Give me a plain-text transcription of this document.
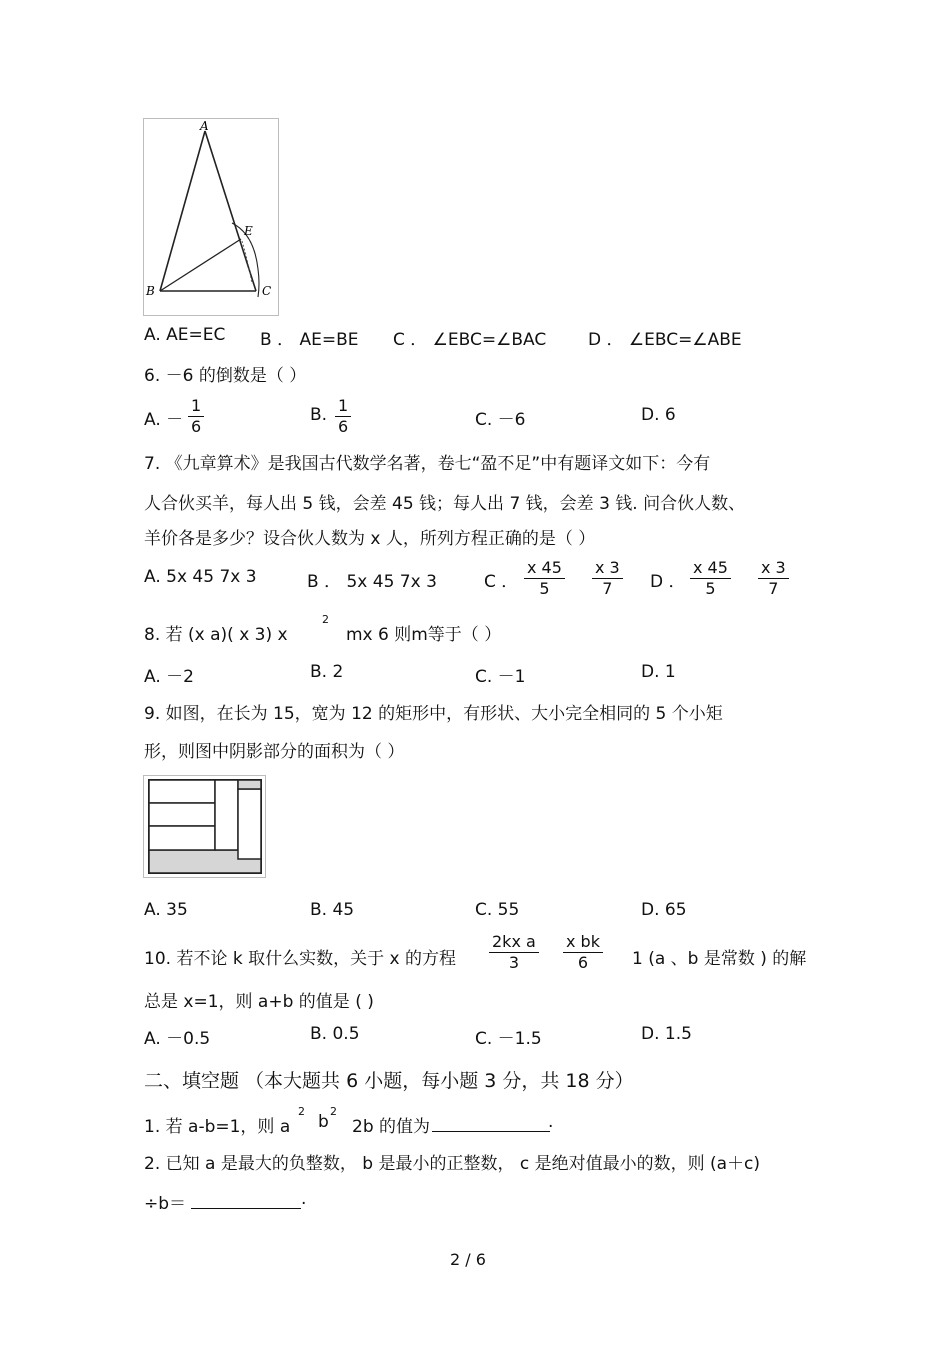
A
B	C
E
A. AE=EC B ． AE=BE C ． ∠EBC=∠BAC D ． ∠EBC=∠ABE
6. －6 的倒数是（ ）
A. － $\frac{1}{6}$	B. $\frac{1}{6}$	C. －6	D. 6
7. 《九章算术》是我国古代数学名著，卷七“盈不足”中有题译文如下：今有
人合伙买羊，每人出 5 钱，会差 45 钱；每人出 7 钱，会差 3 钱. 问合伙人数、
羊价各是多少？设合伙人数为 x 人，所列方程正确的是（ ）
A. 5x 45 7x 3	B ． 5x 45 7x 3	C ． $\frac{x 45}{5} \frac{x 3}{7}$ D ． $\frac{x 45}{5} \frac{x 3}{7}$
8. 若 (x a)( x 3) x
2
mx 6 则m等于（ ）
A. －2	B. 2	C. －1	D. 1
9. 如图，在长为 15，宽为 12 的矩形中，有形状、大小完全相同的 5 个小矩
形，则图中阴影部分的面积为（ ）
A. 35	B. 45	C. 55	D. 65
10. 若不论 k 取什么实数，关于 x 的方程 $\frac{\text{2kx a}}{3} \frac{\text{x bk}}{6} 1$ (a 、b 是常数 ) 的解
总是 x=1，则 a+b 的值是 ( )
A. －0.5	B. 0.5	C. －1.5	D. 1.5
二、填空题 （本大题共 6 小题，每小题 3 分，共 18 分）
1. 若 a-b=1，则 a
2
b
2
2b 的值为	.
2. 已知 a 是最大的负整数， b 是最小的正整数， c 是绝对值最小的数，则 (a＋c)
÷b＝	.
2 / 6
